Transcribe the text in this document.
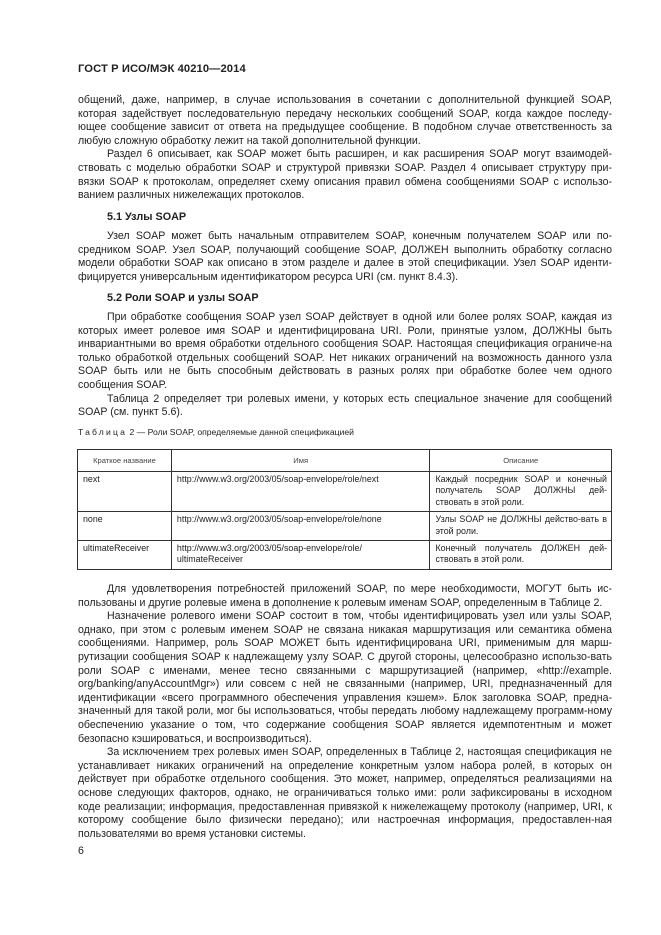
ГОСТ Р ИСО/МЭК 40210—2014

общений, даже, например, в случае использования в сочетании с дополнительной функцией SOAP, которая задействует последовательную передачу нескольких сообщений SOAP, когда каждое последу-ющее сообщение зависит от ответа на предыдущее сообщение. В подобном случае ответственность за любую сложную обработку лежит на такой дополнительной функции.

Раздел 6 описывает, как SOAP может быть расширен, и как расширения SOAP могут взаимодей-ствовать с моделью обработки SOAP и структурой привязки SOAP. Раздел 4 описывает структуру при-вязки SOAP к протоколам, определяет схему описания правил обмена сообщениями SOAP с использо-ванием различных нижележащих протоколов.

5.1 Узлы SOAP

Узел SOAP может быть начальным отправителем SOAP, конечным получателем SOAP или по-средником SOAP. Узел SOAP, получающий сообщение SOAP, ДОЛЖЕН выполнить обработку согласно модели обработки SOAP как описано в этом разделе и далее в этой спецификации. Узел SOAP иденти-фицируется универсальным идентификатором ресурса URI (см. пункт 8.4.3).

5.2 Роли SOAP и узлы SOAP

При обработке сообщения SOAP узел SOAP действует в одной или более ролях SOAP, каждая из которых имеет ролевое имя SOAP и идентифицирована URI. Роли, принятые узлом, ДОЛЖНЫ быть инвариантными во время обработки отдельного сообщения SOAP. Настоящая спецификация ограниче-на только обработкой отдельных сообщений SOAP. Нет никаких ограничений на возможность данного узла SOAP быть или не быть способным действовать в разных ролях при обработке более чем одного сообщения SOAP.

Таблица 2 определяет три ролевых имени, у которых есть специальное значение для сообщений SOAP (см. пункт 5.6).

Таблица 2 — Роли SOAP, определяемые данной спецификацией
Краткое название	Имя	Описание
next	http://www.w3.org/2003/05/soap-envelope/role/next	Каждый посредник SOAP и конечный получатель SOAP ДОЛЖНЫ дей-ствовать в этой роли.
none	http://www.w3.org/2003/05/soap-envelope/role/none	Узлы SOAP не ДОЛЖНЫ действо-вать в этой роли.
ultimateReceiver	http://www.w3.org/2003/05/soap-envelope/role/ ultimateReceiver	Конечный получатель ДОЛЖЕН дей-ствовать в этой роли.

Для удовлетворения потребностей приложений SOAP, по мере необходимости, МОГУТ быть ис-пользованы и другие ролевые имена в дополнение к ролевым именам SOAP, определенным в Таблице 2.

Назначение ролевого имени SOAP состоит в том, чтобы идентифицировать узел или узлы SOAP, однако, при этом с ролевым именем SOAP не связана никакая маршрутизация или семантика обмена сообщениями. Например, роль SOAP МОЖЕТ быть идентифицирована URI, применимым для марш-рутизации сообщения SOAP к надлежащему узлу SOAP. С другой стороны, целесообразно использо-вать роли SOAP с именами, менее тесно связанными с маршрутизацией (например, «http://example. org/banking/anyAccountMgr») или совсем с ней не связанными (например, URI, предназначенный для идентификации «всего программного обеспечения управления кэшем». Блок заголовка SOAP, предна-значенный для такой роли, мог бы использоваться, чтобы передать любому надлежащему программ-ному обеспечению указание о том, что содержание сообщения SOAP является идемпотентным и может безопасно кэшироваться, и воспроизводиться).

За исключением трех ролевых имен SOAP, определенных в Таблице 2, настоящая спецификация не устанавливает никаких ограничений на определение конкретным узлом набора ролей, в которых он действует при обработке отдельного сообщения. Это может, например, определяться реализациями на основе следующих факторов, однако, не ограничиваться только ими: роли зафиксированы в исходном коде реализации; информация, предоставленная привязкой к нижележащему протоколу (например, URI, к которому сообщение было физически передано); или настроечная информация, предоставлен-ная пользователями во время установки системы.

6
